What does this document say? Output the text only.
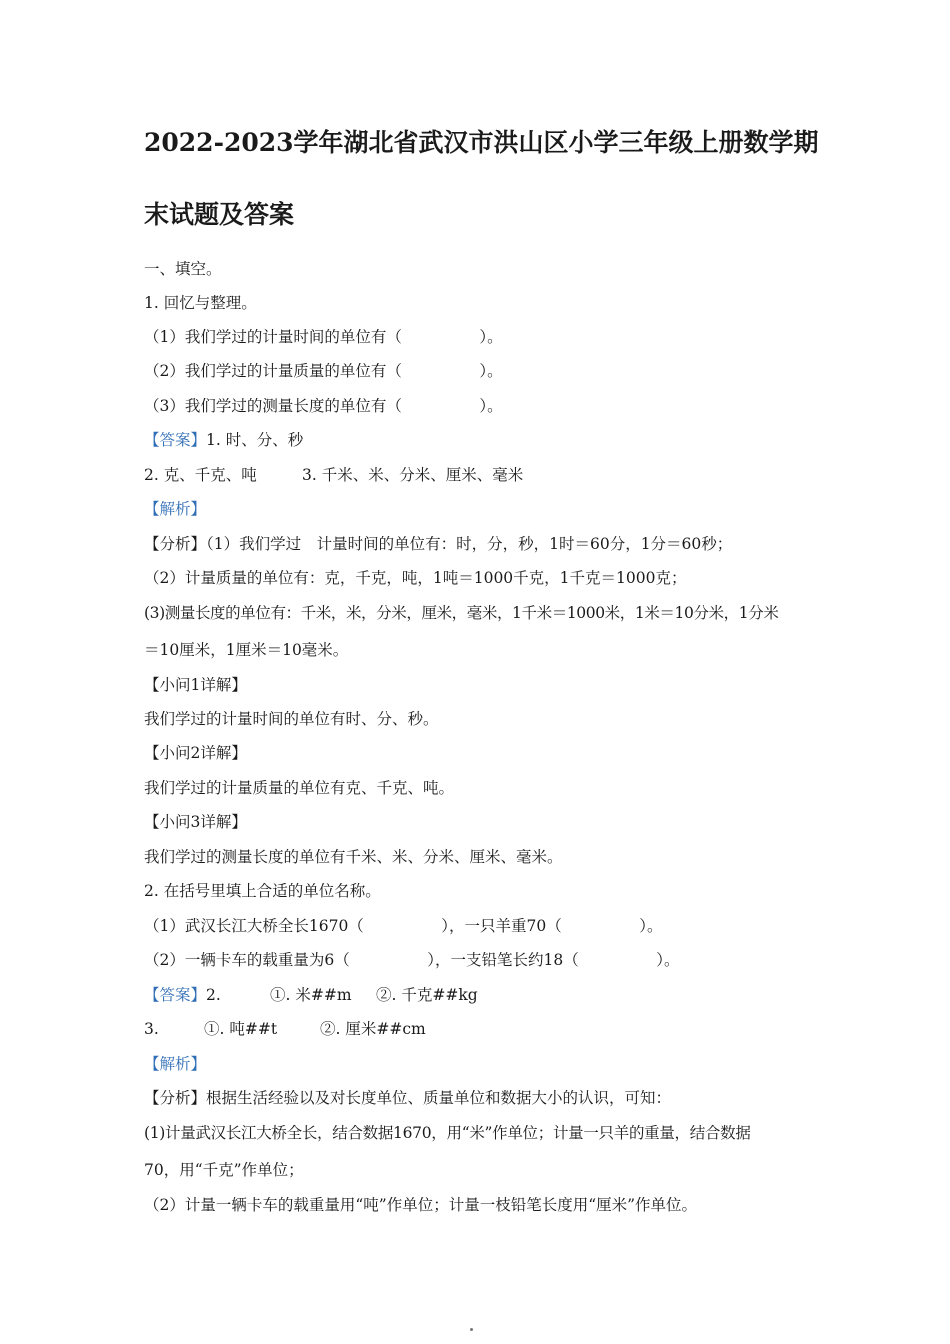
2022-2023学年湖北省武汉市洪山区小学三年级上册数学期
末试题及答案
一、填空。
1. 回忆与整理。
（1）我们学过的计量时间的单位有（　　　　　）。
（2）我们学过的计量质量的单位有（　　　　　）。
（3）我们学过的测量长度的单位有（　　　　　）。
【答案】1. 时、分、秒
2. 克、千克、吨	3. 千米、米、分米、厘米、毫米
【解析】
【分析】（1）我们学过　计量时间的单位有：时，分，秒，1时＝60分，1分＝60秒；
（2）计量质量的单位有：克，千克，吨，1吨＝1000千克，1千克＝1000克；
(3)测量长度的单位有：千米，米，分米，厘米，毫米，1千米＝1000米，1米＝10分米，1分米
＝10厘米，1厘米＝10毫米。
【小问1详解】
我们学过的计量时间的单位有时、分、秒。
【小问2详解】
我们学过的计量质量的单位有克、千克、吨。
【小问3详解】
我们学过的测量长度的单位有千米、米、分米、厘米、毫米。
2. 在括号里填上合适的单位名称。
（1）武汉长江大桥全长1670（　　　　　），一只羊重70（　　　　　）。
（2）一辆卡车的载重量为6（　　　　　），一支铅笔长约18（　　　　　）。
【答案】2.	①. 米##m ②. 千克##kg
3.	①. 吨##t	②. 厘米##cm
【解析】
【分析】根据生活经验以及对长度单位、质量单位和数据大小的认识，可知：
(1)计量武汉长江大桥全长，结合数据1670，用“米”作单位；计量一只羊的重量，结合数据
70，用“千克”作单位；
（2）计量一辆卡车的载重量用“吨”作单位；计量一枝铅笔长度用“厘米”作单位。
